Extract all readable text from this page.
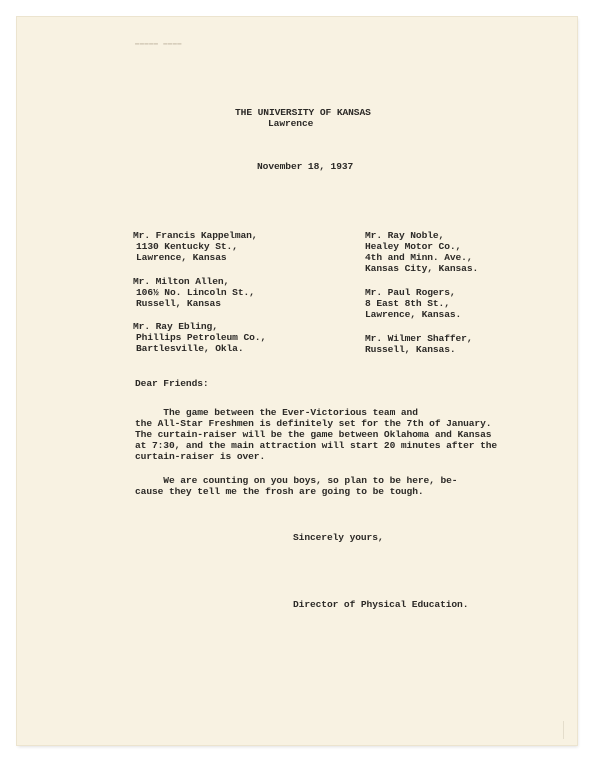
▬▬▬▬▬ ▬▬▬▬

THE UNIVERSITY OF KANSAS

Lawrence

November 18, 1937

Mr. Francis Kappelman,
1130 Kentucky St.,
Lawrence, Kansas
Mr. Milton Allen,
106½ No. Lincoln St.,
Russell, Kansas
Mr. Ray Ebling,
Phillips Petroleum Co.,
Bartlesville, Okla.
Mr. Ray Noble,
Healey Motor Co.,
4th and Minn. Ave.,
Kansas City, Kansas.
Mr. Paul Rogers,
8 East 8th St.,
Lawrence, Kansas.
Mr. Wilmer Shaffer,
Russell, Kansas.

Dear Friends:

The game between the Ever-Victorious team and
the All-Star Freshmen is definitely set for the 7th of January.
The curtain-raiser will be the game between Oklahoma and Kansas
at 7:30, and the main attraction will start 20 minutes after the
curtain-raiser is over.
We are counting on you boys, so plan to be here, be-
cause they tell me the frosh are going to be tough.

Sincerely yours,

Director of Physical Education.
